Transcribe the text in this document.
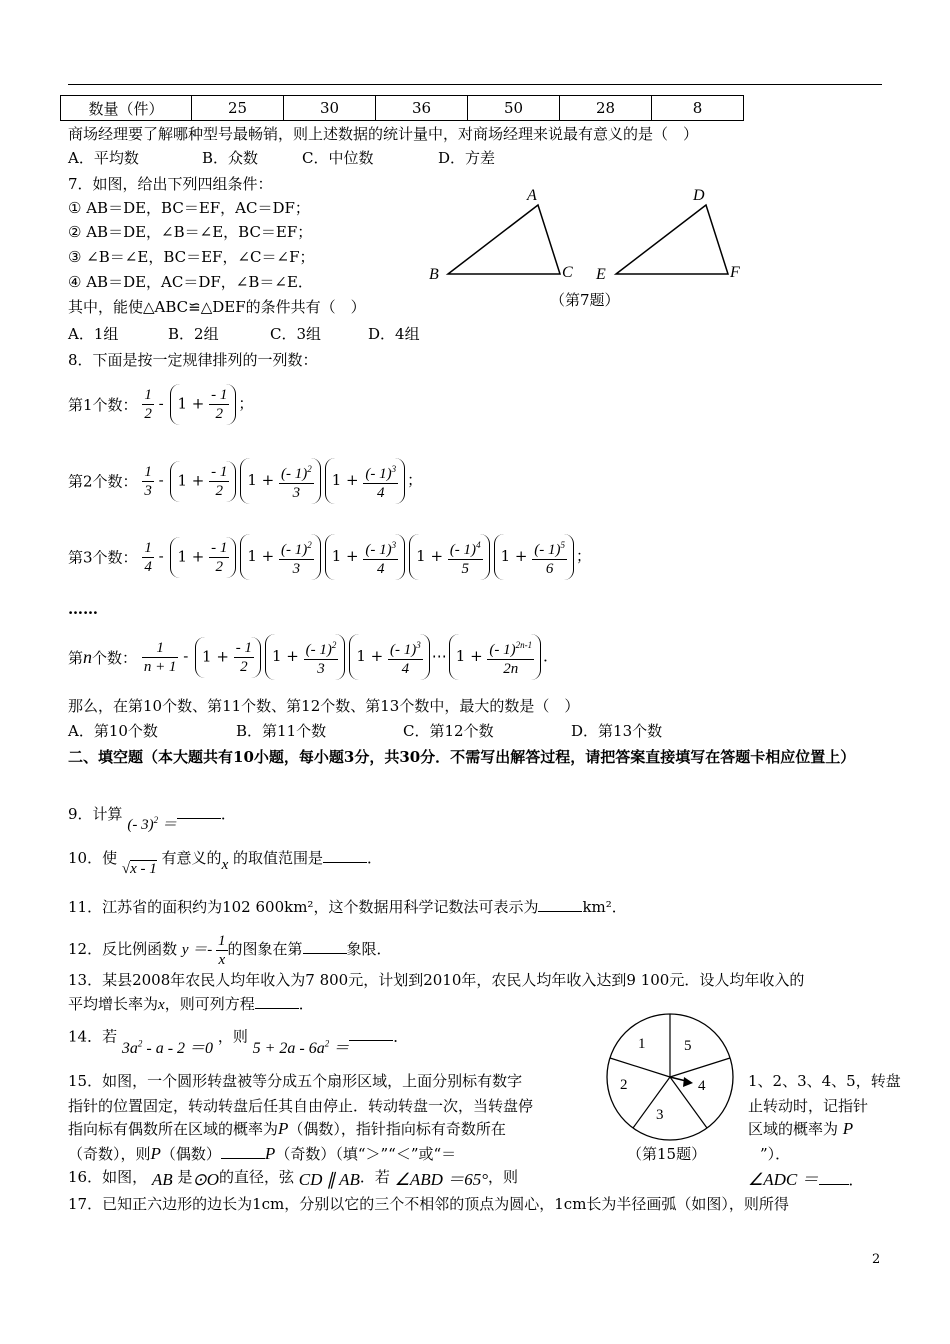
数量（件）	25	30	36	50	28	8
商场经理要了解哪种型号最畅销，则上述数据的统计量中，对商场经理来说最有意义的是（　）
A．平均数	B．众数	C．中位数	D．方差
7．如图，给出下列四组条件：
① AB＝DE，BC＝EF，AC＝DF；
② AB＝DE，∠B＝∠E，BC＝EF；
③ ∠B＝∠E，BC＝EF，∠C＝∠F；
④ AB＝DE，AC＝DF，∠B＝∠E．
其中，能使△ABC≌△DEF的条件共有（　）
A．1组	B．2组	C．3组	D．4组
A
B	C
D
E	F
（第7题）
8．下面是按一定规律排列的一列数：
第1个数： $\frac{1}{2} - 1 + \frac{- 1}{2}$ ；
第2个数： $\frac{1}{3} - 1 + \frac{- 1}{2} 1 + \frac{(- 1)^2}{3} 1 + \frac{(- 1)^3}{4}$ ；
第3个数： $\frac{1}{4} - 1 + \frac{- 1}{2} 1 + \frac{(- 1)^2}{3} 1 + \frac{(- 1)^3}{4} 1 + \frac{(- 1)^4}{5} 1 + \frac{(- 1)^5}{6}$ ；
……
第n个数： $\frac{1}{n + 1} - 1 + \frac{- 1}{2} 1 + \frac{(- 1)^2}{3} 1 + \frac{(- 1)^3}{4}$ ⋯ $1 + \frac{(- 1)^{2n-1}}{2n}$ ．
那么，在第10个数、第11个数、第12个数、第13个数中，最大的数是（　）
A．第10个数	B．第11个数	C．第12个数	D．第13个数
二、填空题（本大题共有10小题，每小题3分，共30分．不需写出解答过程，请把答案直接填写在答题卡相应位置上）
9．计算 (- 3)$^2$ ＝．
10．使 √x - 1 有意义的x 的取值范围是	．
11．江苏省的面积约为102 600km²，这个数据用科学记数法可表示为	km²．
12．反比例函数 $y =- \frac{1}{x}$ 的图象在第	象限．
13．某县2008年农民人均年收入为7 800元，计划到2010年，农民人均年收入达到9 100元．设人均年收入的
平均增长率为x，则可列方程	．
14．若 $3a^2 - a - 2 =0$ ，则 $5 + 2a - 6a^2$ ＝．
15．如图，一个圆形转盘被等分成五个扇形区域，上面分别标有数字	1、2、3、4、5，转盘
指针的位置固定，转动转盘后任其自由停止．转动转盘一次，当转盘停	止转动时，记指针
指向标有偶数所在区域的概率为P（偶数），指针指向标有奇数所在	区域的概率为 P
（奇数），则P（偶数）	P（奇数）（填“＞”“＜”或“＝	”）．
1	5
4
3
2
（第15题）
16．如图， AB 是⊙O的直径，弦 CD ∥ AB．若 ∠ABD ＝65°，则	∠ADC ＝ ．
17．已知正六边形的边长为1cm，分别以它的三个不相邻的顶点为圆心，1cm长为半径画弧（如图），则所得
2
